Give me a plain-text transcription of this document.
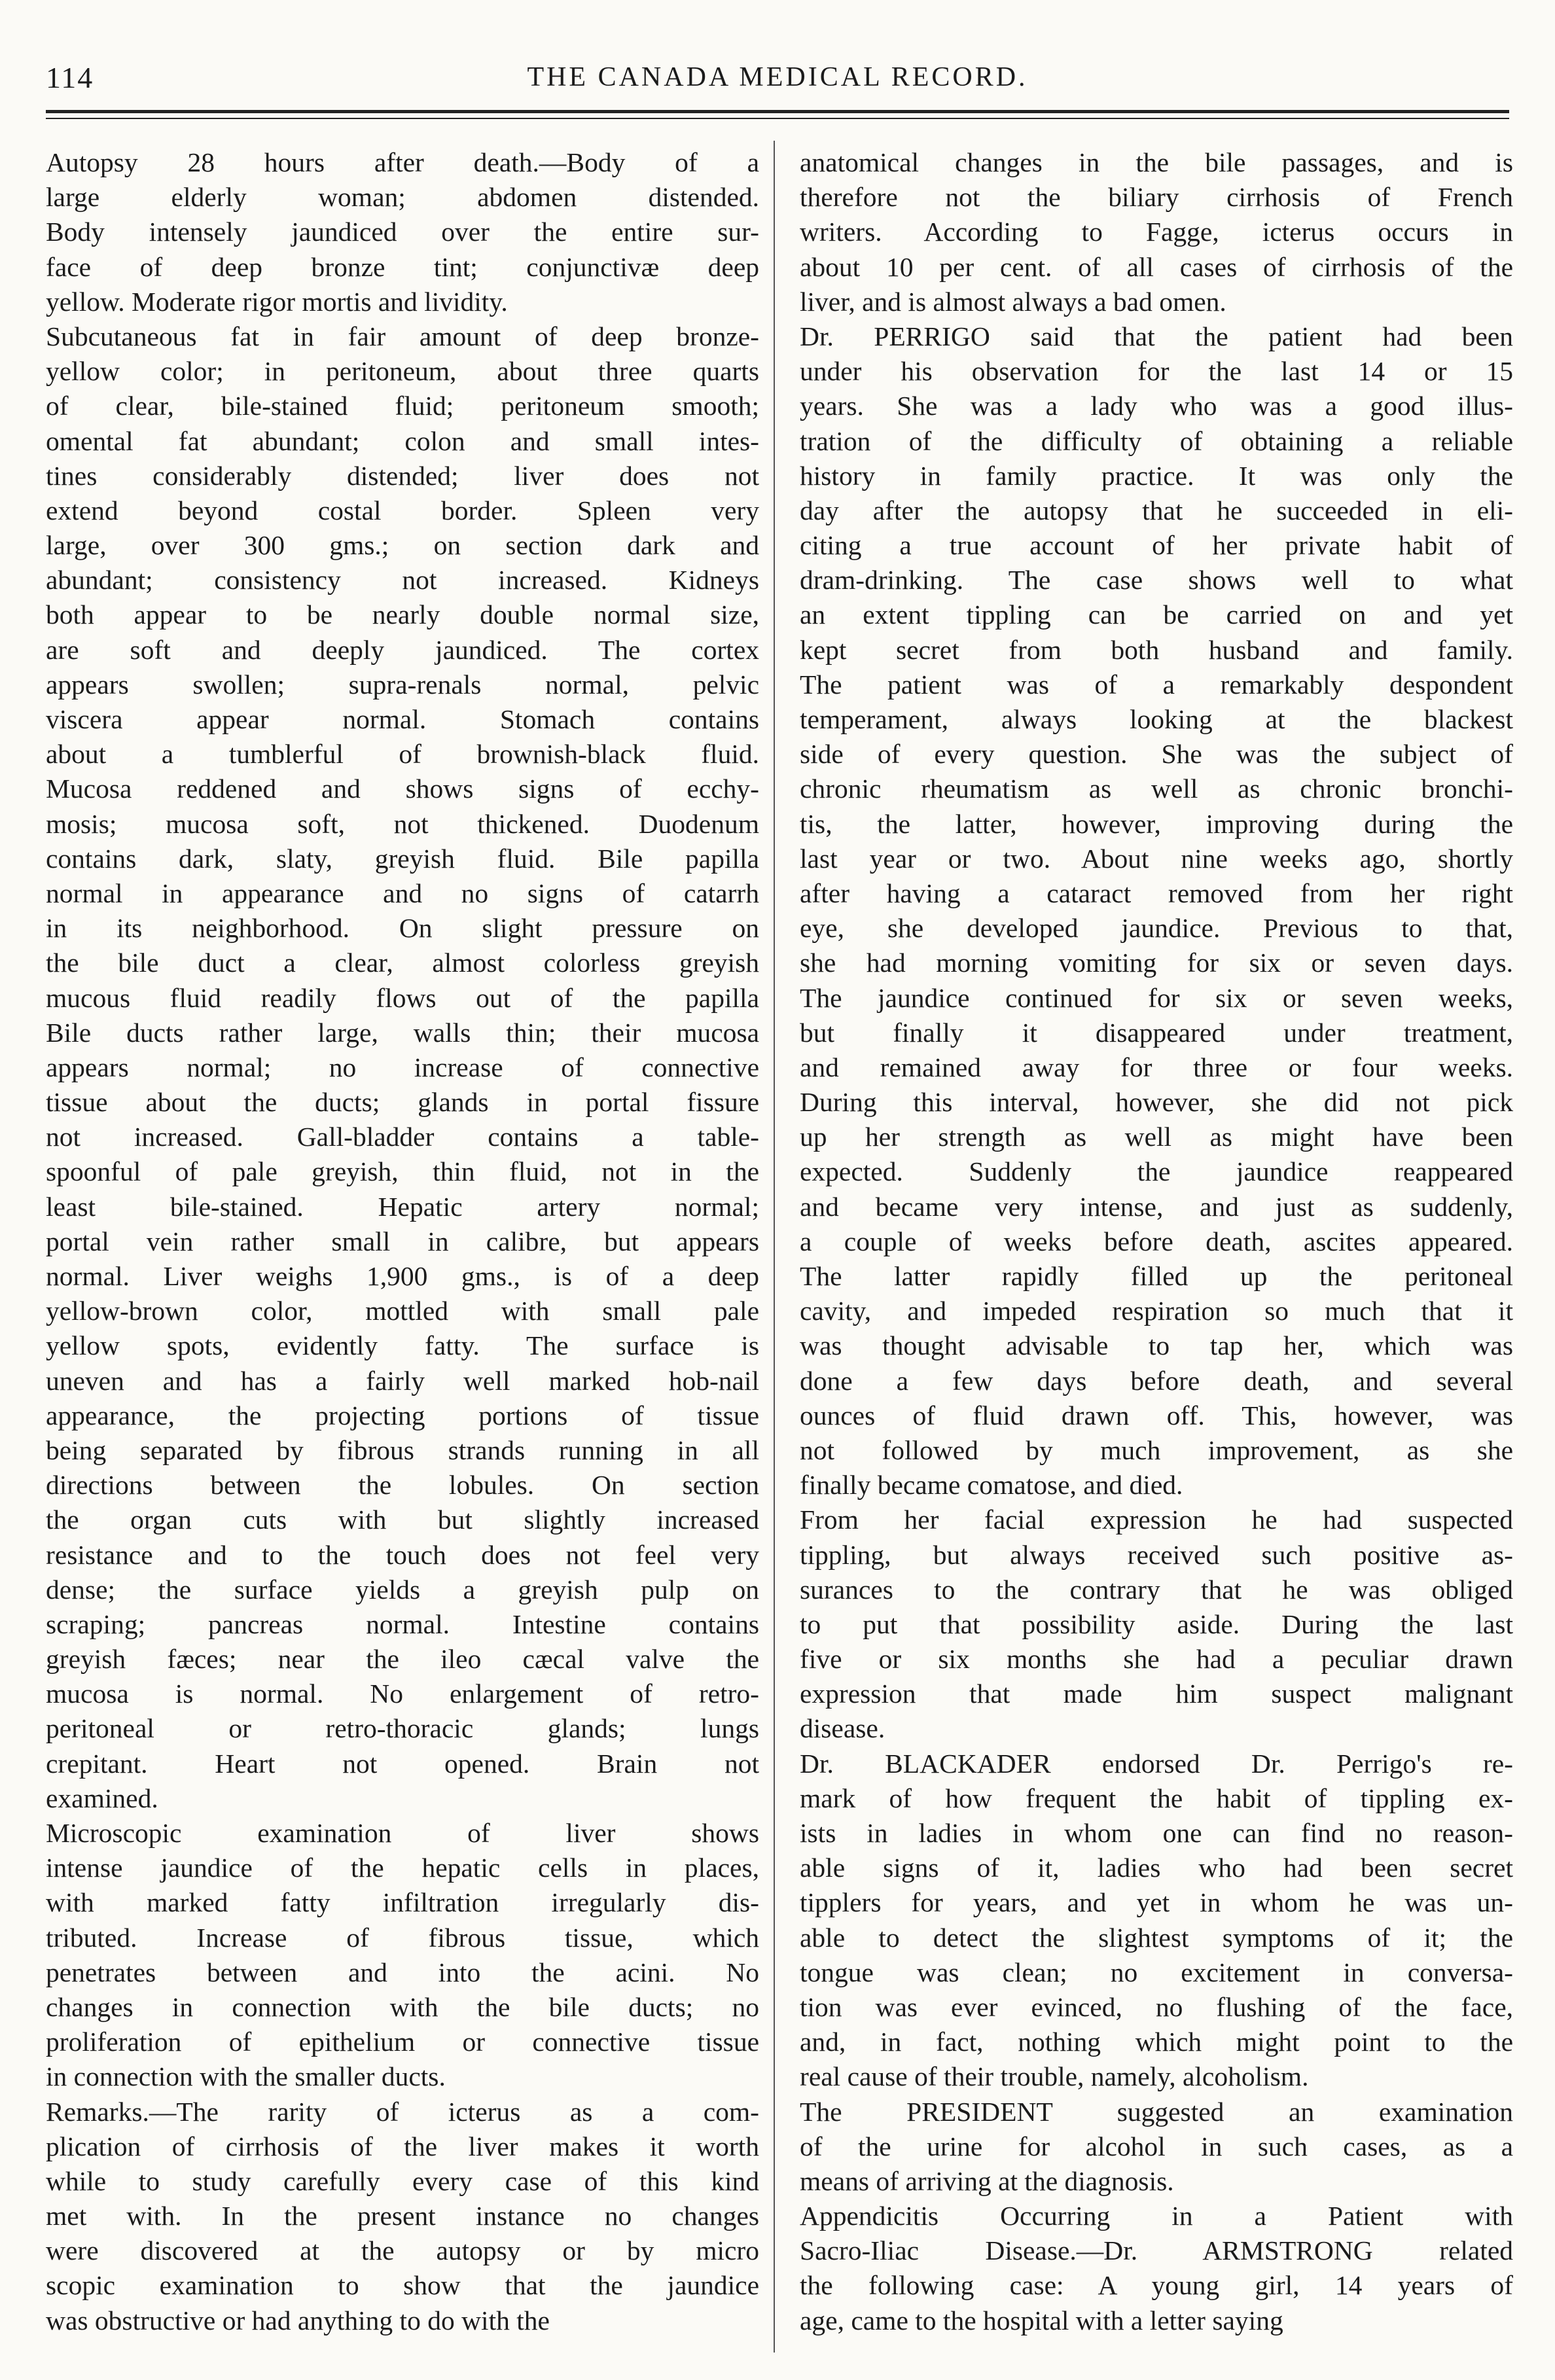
114	THE CANADA MEDICAL RECORD.
Autopsy 28 hours after death.—Body of a
large elderly woman; abdomen distended.
Body intensely jaundiced over the entire sur-
face of deep bronze tint; conjunctivæ deep
yellow. Moderate rigor mortis and lividity.
Subcutaneous fat in fair amount of deep bronze-
yellow color; in peritoneum, about three quarts
of clear, bile-stained fluid; peritoneum smooth;
omental fat abundant; colon and small intes-
tines considerably distended; liver does not
extend beyond costal border. Spleen very
large, over 300 gms.; on section dark and
abundant; consistency not increased. Kidneys
both appear to be nearly double normal size,
are soft and deeply jaundiced. The cortex
appears swollen; supra-renals normal, pelvic
viscera appear normal. Stomach contains
about a tumblerful of brownish-black fluid.
Mucosa reddened and shows signs of ecchy-
mosis; mucosa soft, not thickened. Duodenum
contains dark, slaty, greyish fluid. Bile papilla
normal in appearance and no signs of catarrh
in its neighborhood. On slight pressure on
the bile duct a clear, almost colorless greyish
mucous fluid readily flows out of the papilla
Bile ducts rather large, walls thin; their mucosa
appears normal; no increase of connective
tissue about the ducts; glands in portal fissure
not increased. Gall-bladder contains a table-
spoonful of pale greyish, thin fluid, not in the
least bile-stained. Hepatic artery normal;
portal vein rather small in calibre, but appears
normal. Liver weighs 1,900 gms., is of a deep
yellow-brown color, mottled with small pale
yellow spots, evidently fatty. The surface is
uneven and has a fairly well marked hob-nail
appearance, the projecting portions of tissue
being separated by fibrous strands running in all
directions between the lobules. On section
the organ cuts with but slightly increased
resistance and to the touch does not feel very
dense; the surface yields a greyish pulp on
scraping; pancreas normal. Intestine contains
greyish fæces; near the ileo cæcal valve the
mucosa is normal. No enlargement of retro-
peritoneal or retro-thoracic glands; lungs
crepitant. Heart not opened. Brain not
examined.
Microscopic examination of liver shows
intense jaundice of the hepatic cells in places,
with marked fatty infiltration irregularly dis-
tributed. Increase of fibrous tissue, which
penetrates between and into the acini. No
changes in connection with the bile ducts; no
proliferation of epithelium or connective tissue
in connection with the smaller ducts.
Remarks.—The rarity of icterus as a com-
plication of cirrhosis of the liver makes it worth
while to study carefully every case of this kind
met with. In the present instance no changes
were discovered at the autopsy or by micro
scopic examination to show that the jaundice
was obstructive or had anything to do with the
anatomical changes in the bile passages, and is
therefore not the biliary cirrhosis of French
writers. According to Fagge, icterus occurs in
about 10 per cent. of all cases of cirrhosis of the
liver, and is almost always a bad omen.
Dr. PERRIGO said that the patient had been
under his observation for the last 14 or 15
years. She was a lady who was a good illus-
tration of the difficulty of obtaining a reliable
history in family practice. It was only the
day after the autopsy that he succeeded in eli-
citing a true account of her private habit of
dram-drinking. The case shows well to what
an extent tippling can be carried on and yet
kept secret from both husband and family.
The patient was of a remarkably despondent
temperament, always looking at the blackest
side of every question. She was the subject of
chronic rheumatism as well as chronic bronchi-
tis, the latter, however, improving during the
last year or two. About nine weeks ago, shortly
after having a cataract removed from her right
eye, she developed jaundice. Previous to that,
she had morning vomiting for six or seven days.
The jaundice continued for six or seven weeks,
but finally it disappeared under treatment,
and remained away for three or four weeks.
During this interval, however, she did not pick
up her strength as well as might have been
expected. Suddenly the jaundice reappeared
and became very intense, and just as suddenly,
a couple of weeks before death, ascites appeared.
The latter rapidly filled up the peritoneal
cavity, and impeded respiration so much that it
was thought advisable to tap her, which was
done a few days before death, and several
ounces of fluid drawn off. This, however, was
not followed by much improvement, as she
finally became comatose, and died.
From her facial expression he had suspected
tippling, but always received such positive as-
surances to the contrary that he was obliged
to put that possibility aside. During the last
five or six months she had a peculiar drawn
expression that made him suspect malignant
disease.
Dr. BLACKADER endorsed Dr. Perrigo's re-
mark of how frequent the habit of tippling ex-
ists in ladies in whom one can find no reason-
able signs of it, ladies who had been secret
tipplers for years, and yet in whom he was un-
able to detect the slightest symptoms of it; the
tongue was clean; no excitement in conversa-
tion was ever evinced, no flushing of the face,
and, in fact, nothing which might point to the
real cause of their trouble, namely, alcoholism.
The PRESIDENT suggested an examination
of the urine for alcohol in such cases, as a
means of arriving at the diagnosis.
Appendicitis Occurring in a Patient with
Sacro-Iliac Disease.—Dr. ARMSTRONG related
the following case: A young girl, 14 years of
age, came to the hospital with a letter saying
